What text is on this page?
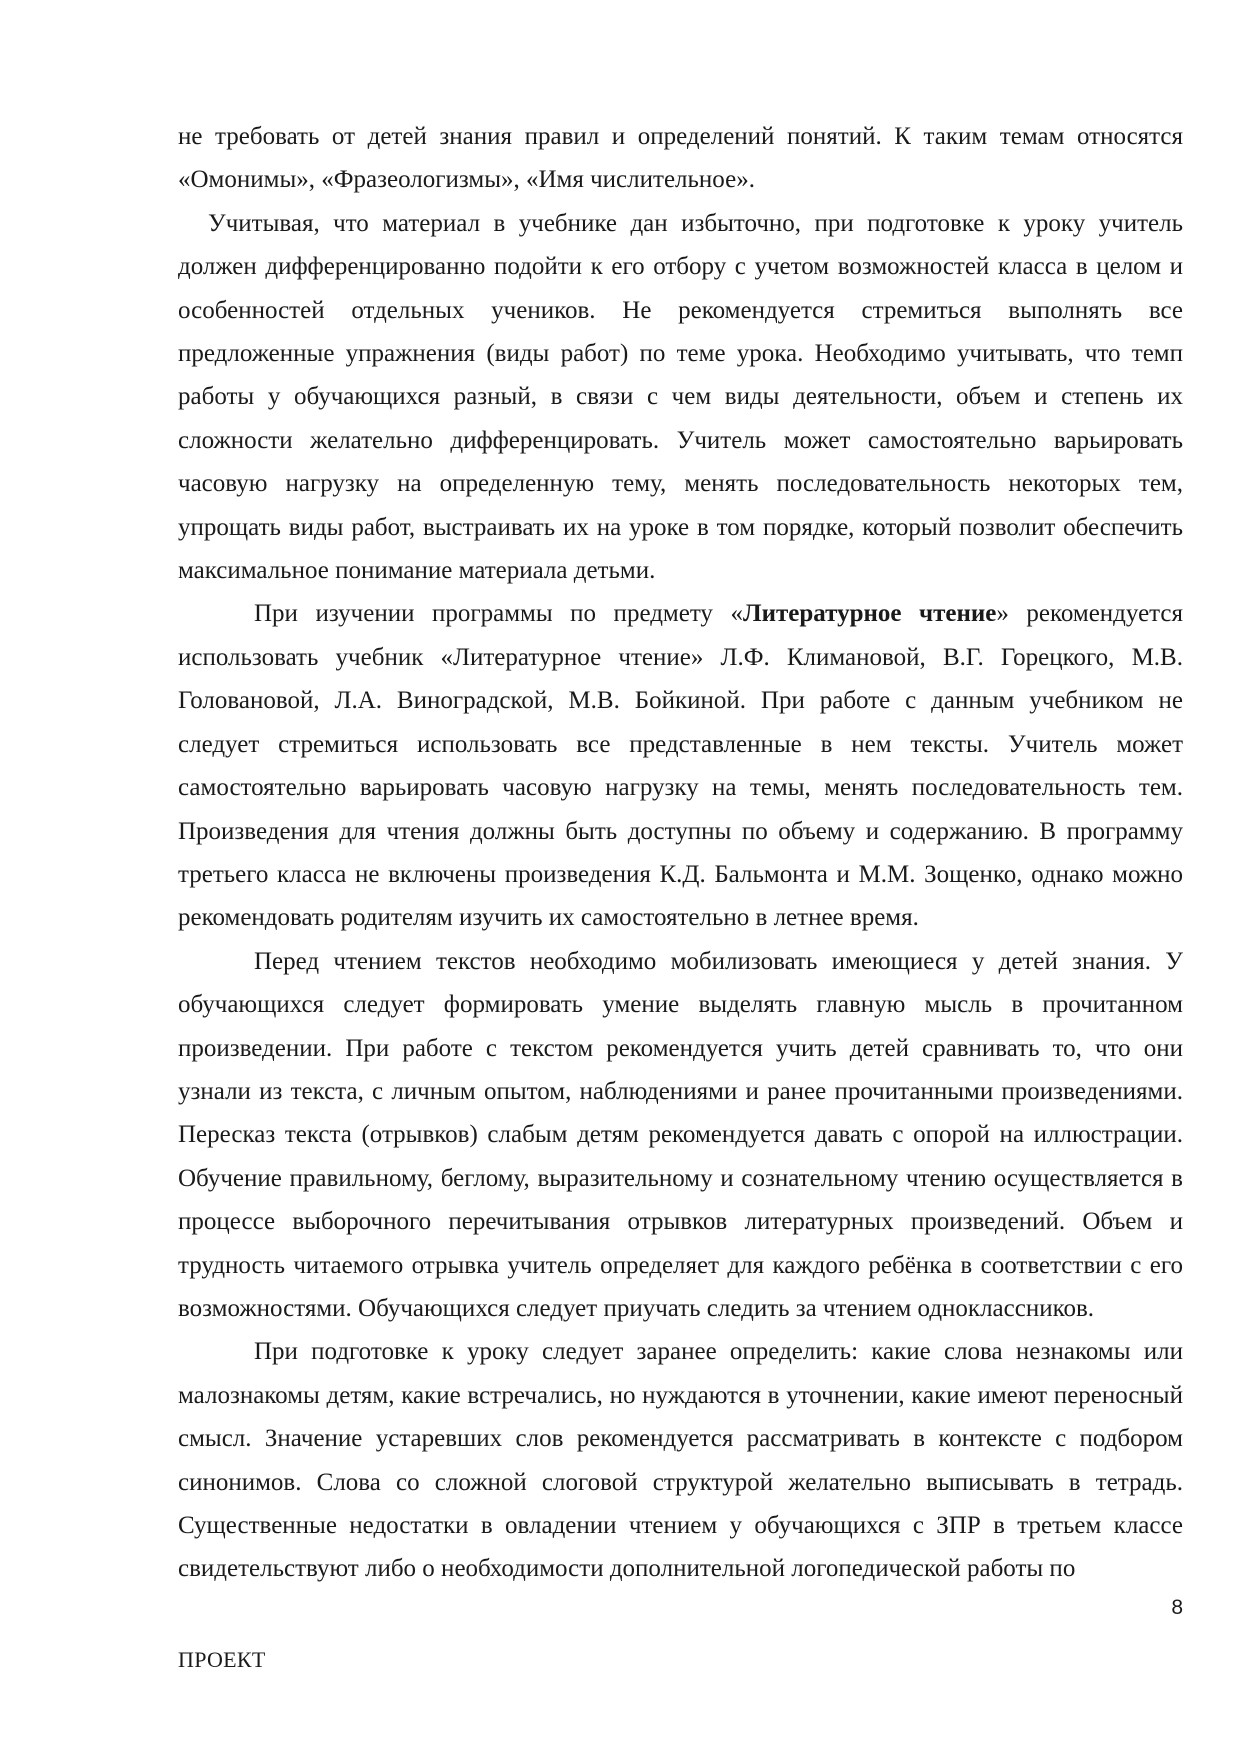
не требовать от детей знания правил и определений понятий. К таким темам относятся «Омонимы», «Фразеологизмы», «Имя числительное».

Учитывая, что материал в учебнике дан избыточно, при подготовке к уроку учитель должен дифференцированно подойти к его отбору с учетом возможностей класса в целом и особенностей отдельных учеников. Не рекомендуется стремиться выполнять все предложенные упражнения (виды работ) по теме урока. Необходимо учитывать, что темп работы у обучающихся разный, в связи с чем виды деятельности, объем и степень их сложности желательно дифференцировать. Учитель может самостоятельно варьировать часовую нагрузку на определенную тему, менять последовательность некоторых тем, упрощать виды работ, выстраивать их на уроке в том порядке, который позволит обеспечить максимальное понимание материала детьми.

При изучении программы по предмету «Литературное чтение» рекомендуется использовать учебник «Литературное чтение» Л.Ф. Климановой, В.Г. Горецкого, М.В. Головановой, Л.А. Виноградской, М.В. Бойкиной. При работе с данным учебником не следует стремиться использовать все представленные в нем тексты. Учитель может самостоятельно варьировать часовую нагрузку на темы, менять последовательность тем. Произведения для чтения должны быть доступны по объему и содержанию. В программу третьего класса не включены произведения К.Д. Бальмонта и М.М. Зощенко, однако можно рекомендовать родителям изучить их самостоятельно в летнее время.

Перед чтением текстов необходимо мобилизовать имеющиеся у детей знания. У обучающихся следует формировать умение выделять главную мысль в прочитанном произведении. При работе с текстом рекомендуется учить детей сравнивать то, что они узнали из текста, с личным опытом, наблюдениями и ранее прочитанными произведениями. Пересказ текста (отрывков) слабым детям рекомендуется давать с опорой на иллюстрации. Обучение правильному, беглому, выразительному и сознательному чтению осуществляется в процессе выборочного перечитывания отрывков литературных произведений. Объем и трудность читаемого отрывка учитель определяет для каждого ребёнка в соответствии с его возможностями. Обучающихся следует приучать следить за чтением одноклассников.

При подготовке к уроку следует заранее определить: какие слова незнакомы или малознакомы детям, какие встречались, но нуждаются в уточнении, какие имеют переносный смысл. Значение устаревших слов рекомендуется рассматривать в контексте с подбором синонимов. Слова со сложной слоговой структурой желательно выписывать в тетрадь. Существенные недостатки в овладении чтением у обучающихся с ЗПР в третьем классе свидетельствуют либо о необходимости дополнительной логопедической работы по

8
ПРОЕКТ
